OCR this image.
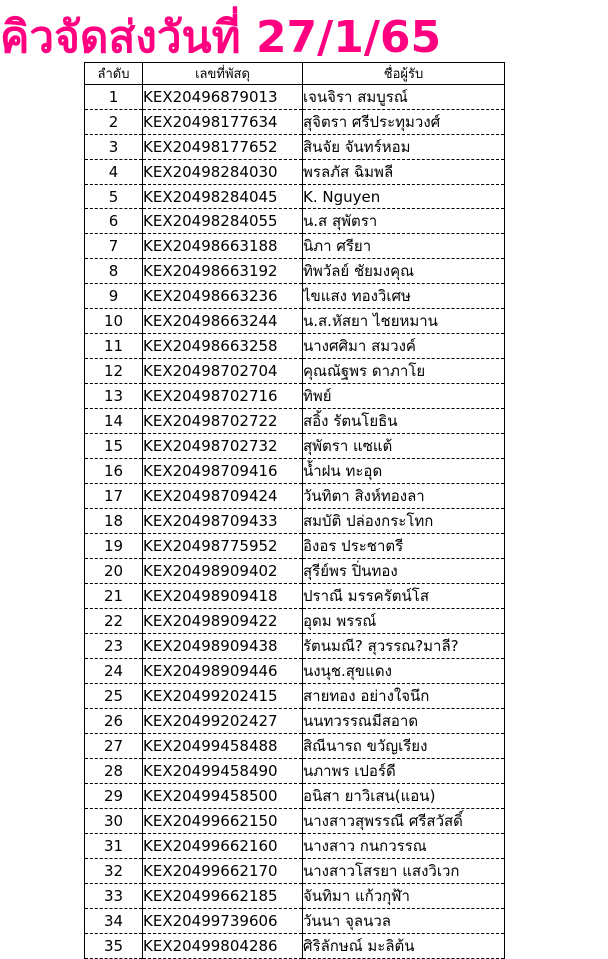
คิวจัดส่งวันที่ 27/1/65
ลำดับ	เลขที่พัสดุ	ชื่อผู้รับ
1	KEX20496879013	เจนจิรา สมบูรณ์
2	KEX20498177634	สุจิตรา ศรีประทุมวงศ์
3	KEX20498177652	สินจัย จันทร์หอม
4	KEX20498284030	พรลภัส ฉิมพลี
5	KEX20498284045	K. Nguyen
6	KEX20498284055	น.ส สุพัตรา
7	KEX20498663188	นิภา ศรียา
8	KEX20498663192	ทิพวัลย์ ชัยมงคุณ
9	KEX20498663236	ไขแสง ทองวิเศษ
10	KEX20498663244	น.ส.หัสยา ไชยหมาน
11	KEX20498663258	นางศศิมา สมวงค์
12	KEX20498702704	คุณณัฐพร ดาภาโย
13	KEX20498702716	ทิพย์
14	KEX20498702722	สอิ้ง รัตนโยธิน
15	KEX20498702732	สุพัตรา แซแต้
16	KEX20498709416	น้ำฝน ทะอุด
17	KEX20498709424	วันทิตา สิงห์ทองลา
18	KEX20498709433	สมบัติ ปล่องกระโทก
19	KEX20498775952	อิงอร ประชาตรี
20	KEX20498909402	สุรีย์พร ปิ่นทอง
21	KEX20498909418	ปราณี มรรครัตน์โส
22	KEX20498909422	อุดม พรรณ์
23	KEX20498909438	รัตนมณี? สุวรรณ?มาลี?
24	KEX20498909446	นงนุช.สุขแดง
25	KEX20499202415	สายทอง อย่างใจนึก
26	KEX20499202427	นนทวรรณมีสอาด
27	KEX20499458488	สิณีนารถ ขวัญเรียง
28	KEX20499458490	นภาพร เปอร์ดี
29	KEX20499458500	อนิสา ยาวิเสน(แอน)
30	KEX20499662150	นางสาวสุพรรณี ศรีสวัสดิ์
31	KEX20499662160	นางสาว กนกวรรณ
32	KEX20499662170	นางสาวโสรยา แสงวิเวก
33	KEX20499662185	จันทิมา แก้วกุฬ้า
34	KEX20499739606	วันนา จุลนวล
35	KEX20499804286	ศิริลักษณ์ มะลิต้น
